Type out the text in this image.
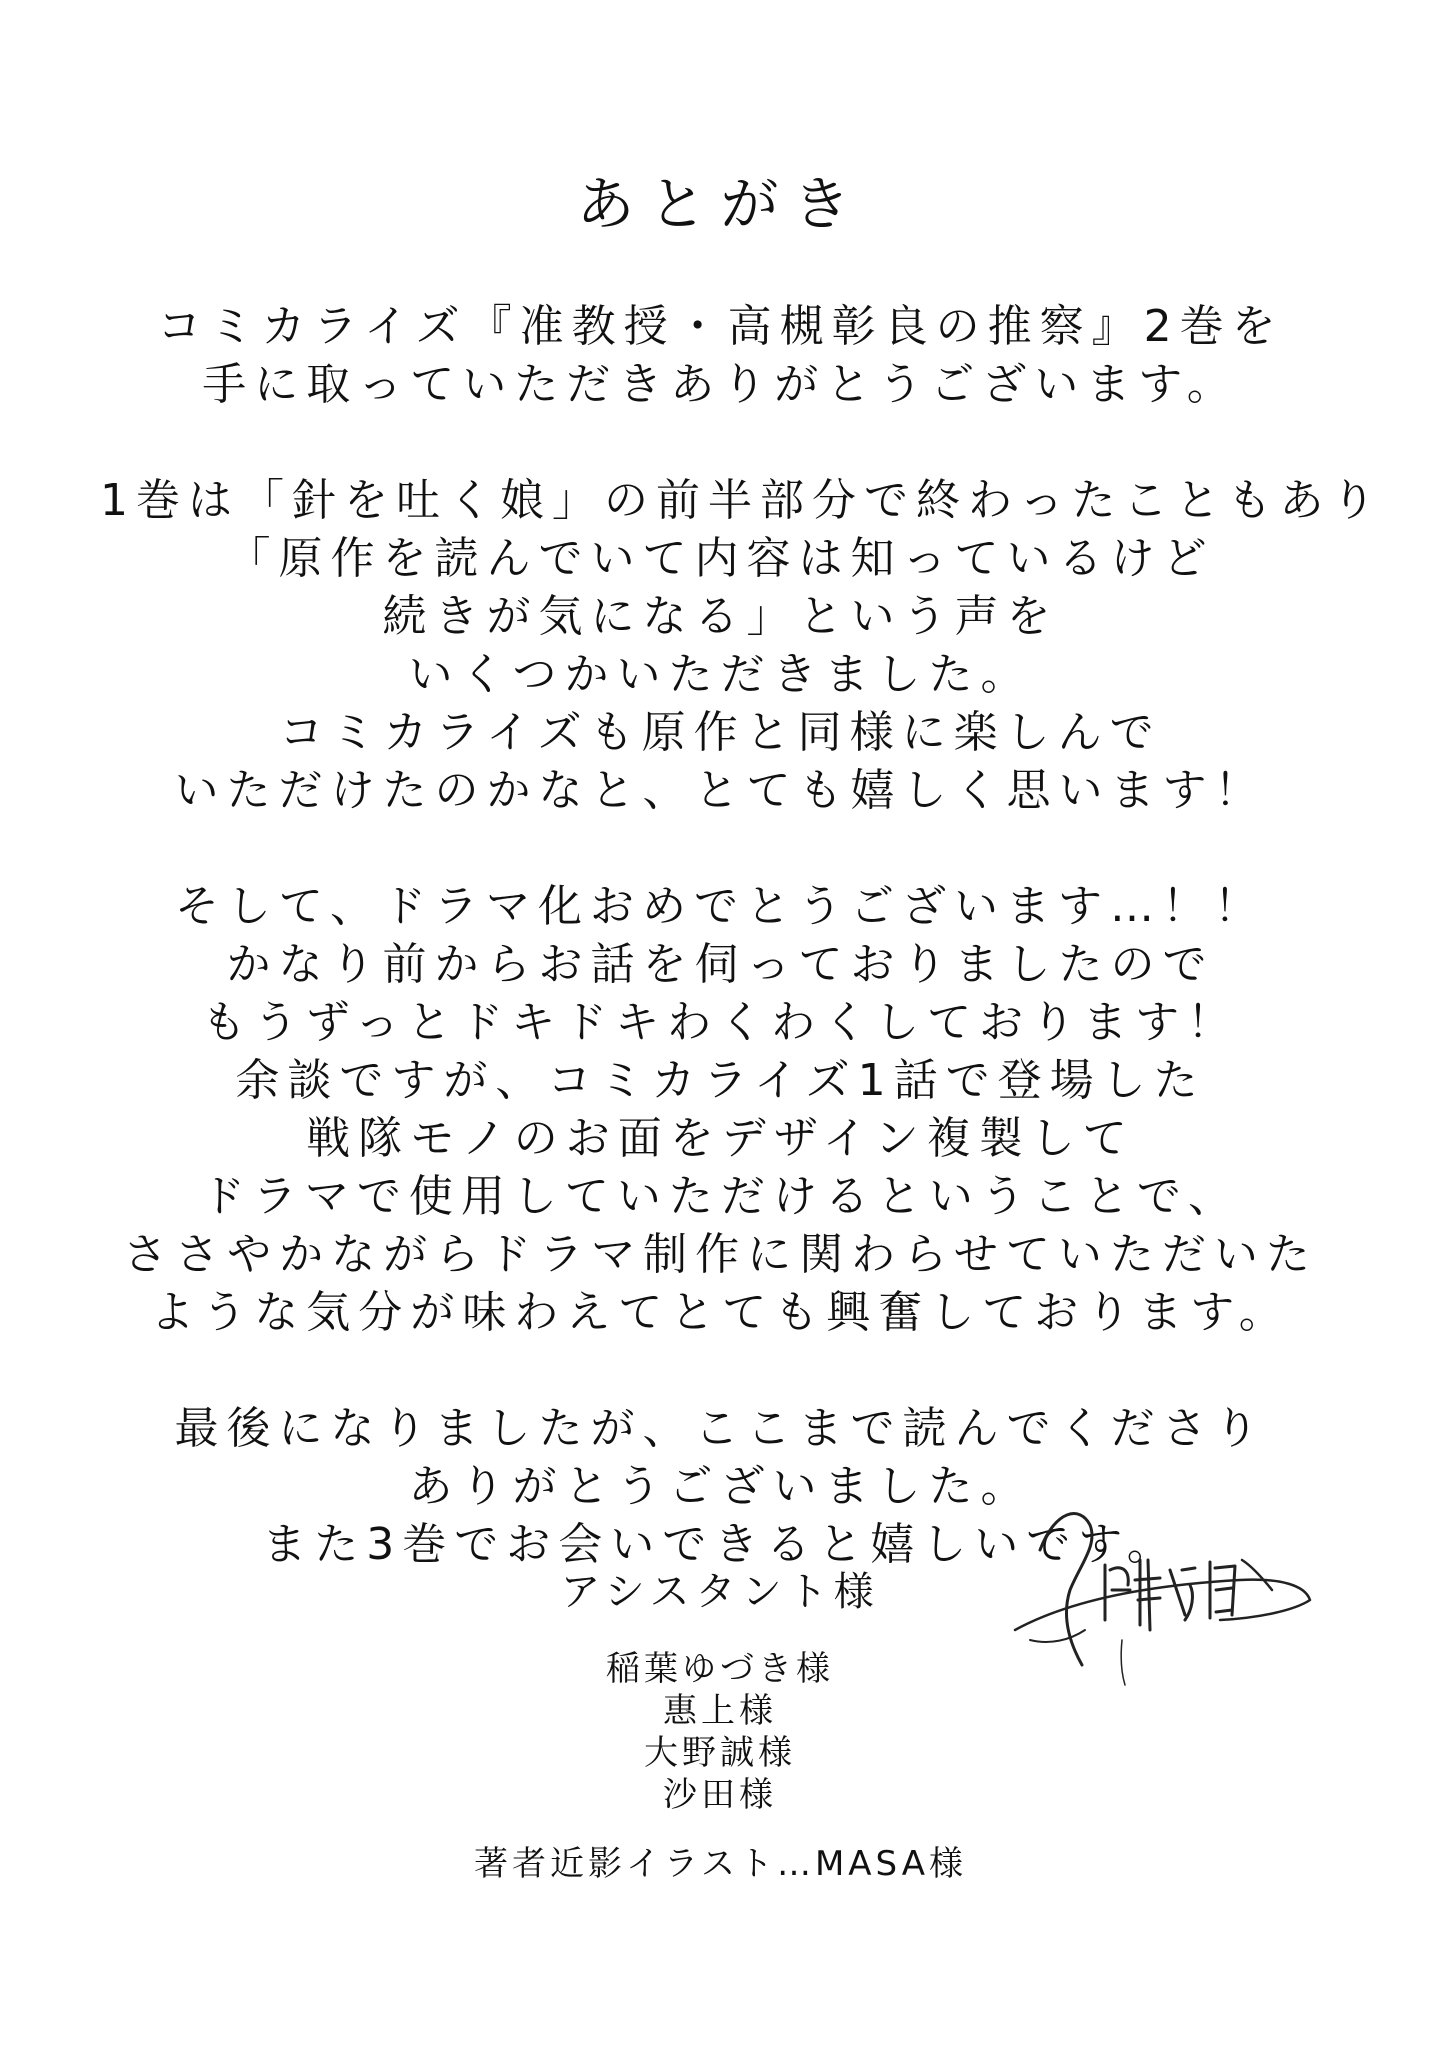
あとがき
コミカライズ『准教授・高槻彰良の推察』2巻を
手に取っていただきありがとうございます。
1巻は「針を吐く娘」の前半部分で終わったこともあり
「原作を読んでいて内容は知っているけど
続きが気になる」という声を
いくつかいただきました。
コミカライズも原作と同様に楽しんで
いただけたのかなと、とても嬉しく思います！
そして、ドラマ化おめでとうございます…！！
かなり前からお話を伺っておりましたので
もうずっとドキドキわくわくしております！
余談ですが、コミカライズ1話で登場した
戦隊モノのお面をデザイン複製して
ドラマで使用していただけるということで、
ささやかながらドラマ制作に関わらせていただいた
ような気分が味わえてとても興奮しております。
最後になりましたが、ここまで読んでくださり
ありがとうございました。
また3巻でお会いできると嬉しいです。
アシスタント様
稲葉ゆづき様
惠上様
大野誠様
沙田様
著者近影イラスト…MASA様
